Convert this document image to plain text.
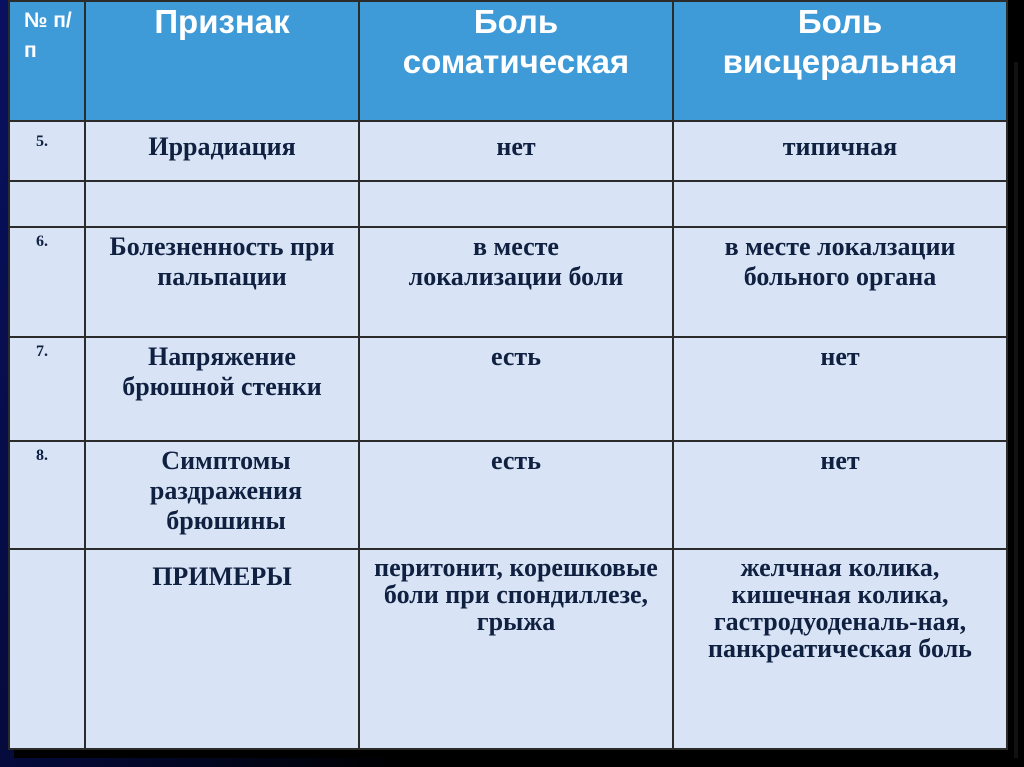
№ п/п	Признак	Боль соматическая	Боль висцеральная
5.	Иррадиация	нет	типичная

6.	Болезненность при пальпации	в месте локализации боли	в месте локалзации больного органа

7.	Напряжение брюшной стенки	есть	нет
8.	Симптомы раздражения брюшины	есть	нет
	ПРИМЕРЫ	перитонит, корешковые боли при спондиллезе, грыжа	желчная колика, кишечная колика, гастродуоденаль-ная, панкреатическая боль
